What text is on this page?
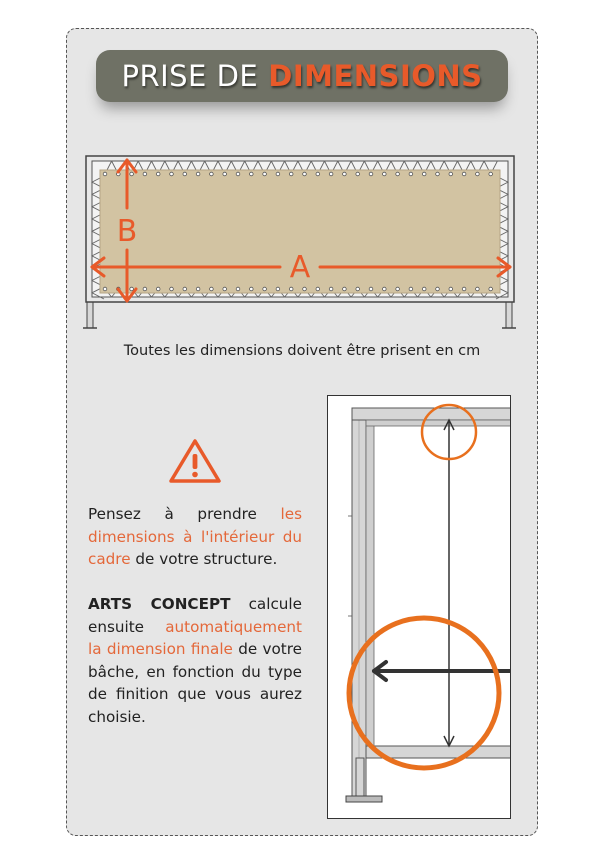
PRISE DE DIMENSIONS
B
A
Toutes les dimensions doivent être prisent en cm
Pensez à prendre les dimensions à l'intérieur du cadre de votre structure.
ARTS CONCEPT calcule ensuite automatiquement la dimension finale de votre bâche, en fonction du type de finition que vous aurez choisie.
